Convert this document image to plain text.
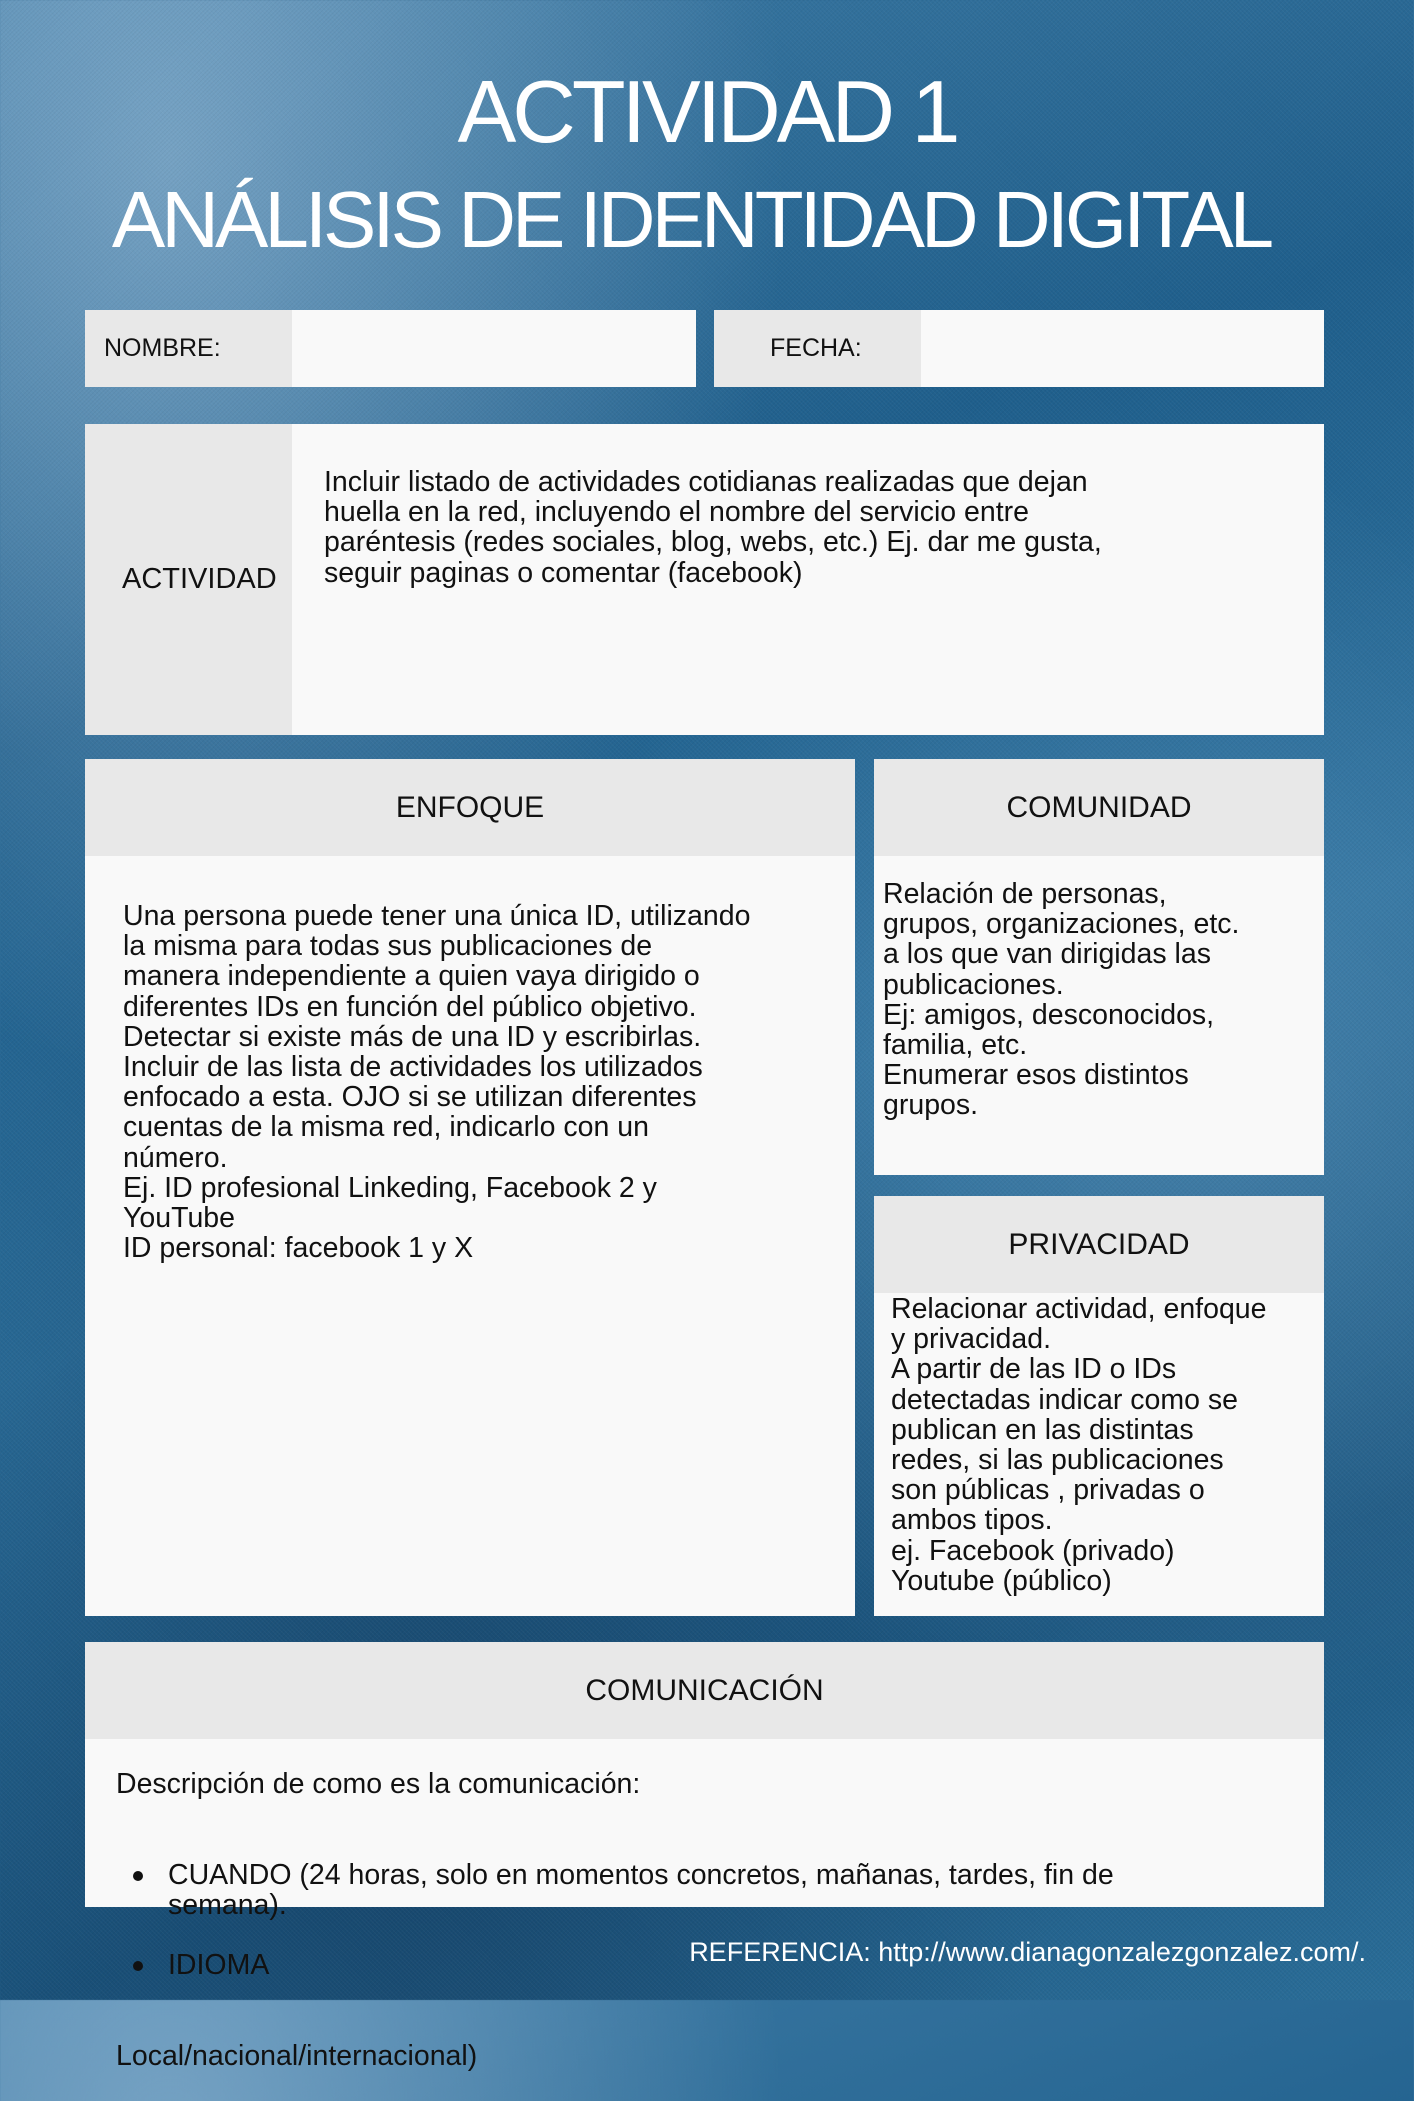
ACTIVIDAD 1
ANÁLISIS DE IDENTIDAD DIGITAL
NOMBRE:	FECHA:
ACTIVIDAD

Incluir listado de actividades cotidianas realizadas que dejan
huella en la red, incluyendo el nombre del servicio entre
paréntesis (redes sociales, blog, webs, etc.) Ej. dar me gusta,
seguir paginas o comentar (facebook)

ENFOQUE

Una persona puede tener una única ID, utilizando
la misma para todas sus publicaciones de
manera independiente a quien vaya dirigido o
diferentes IDs en función del público objetivo.
Detectar si existe más de una ID y escribirlas.
Incluir de las lista de actividades los utilizados
enfocado a esta. OJO si se utilizan diferentes
cuentas de la misma red, indicarlo con un
número.
Ej. ID profesional Linkeding, Facebook 2 y
YouTube
ID personal: facebook 1 y X

COMUNIDAD

Relación de personas,
grupos, organizaciones, etc.
a los que van dirigidas las
publicaciones.
Ej: amigos, desconocidos,
familia, etc.
Enumerar esos distintos
grupos.

PRIVACIDAD

Relacionar actividad, enfoque
y privacidad.
A partir de las ID o IDs
detectadas indicar como se
publican en las distintas
redes, si las publicaciones
son públicas , privadas o
ambos tipos.
ej. Facebook (privado)
Youtube (público)

COMUNICACIÓN

Descripción de como es la comunicación:

CUANDO (24 horas, solo en momentos concretos, mañanas, tardes, fin de
semana).

IDIOMA

Local/nacional/internacional)

REFERENCIA: http://www.dianagonzalezgonzalez.com/.
